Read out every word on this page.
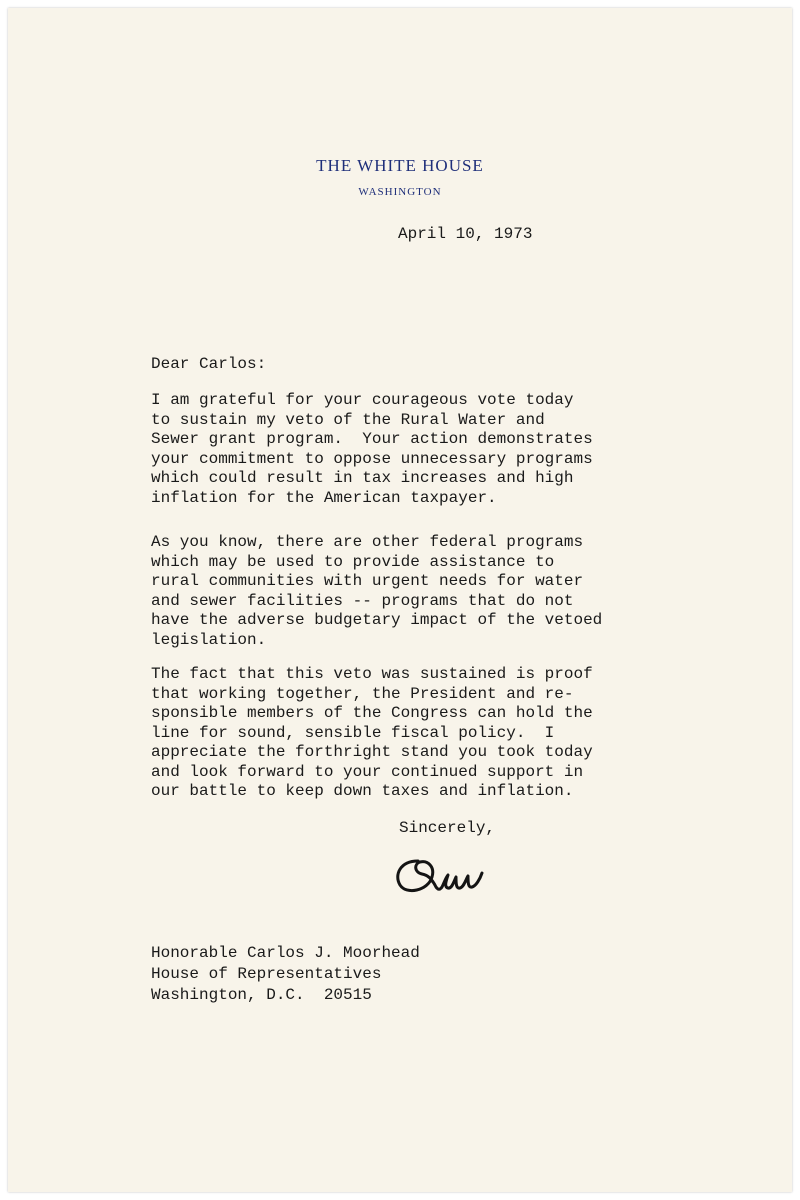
THE WHITE HOUSE
WASHINGTON
April 10, 1973
Dear Carlos:
I am grateful for your courageous vote today
to sustain my veto of the Rural Water and
Sewer grant program.  Your action demonstrates
your commitment to oppose unnecessary programs
which could result in tax increases and high
inflation for the American taxpayer.
As you know, there are other federal programs
which may be used to provide assistance to
rural communities with urgent needs for water
and sewer facilities -- programs that do not
have the adverse budgetary impact of the vetoed
legislation.
The fact that this veto was sustained is proof
that working together, the President and re-
sponsible members of the Congress can hold the
line for sound, sensible fiscal policy.  I
appreciate the forthright stand you took today
and look forward to your continued support in
our battle to keep down taxes and inflation.
Sincerely,
Honorable Carlos J. Moorhead
House of Representatives
Washington, D.C.  20515
